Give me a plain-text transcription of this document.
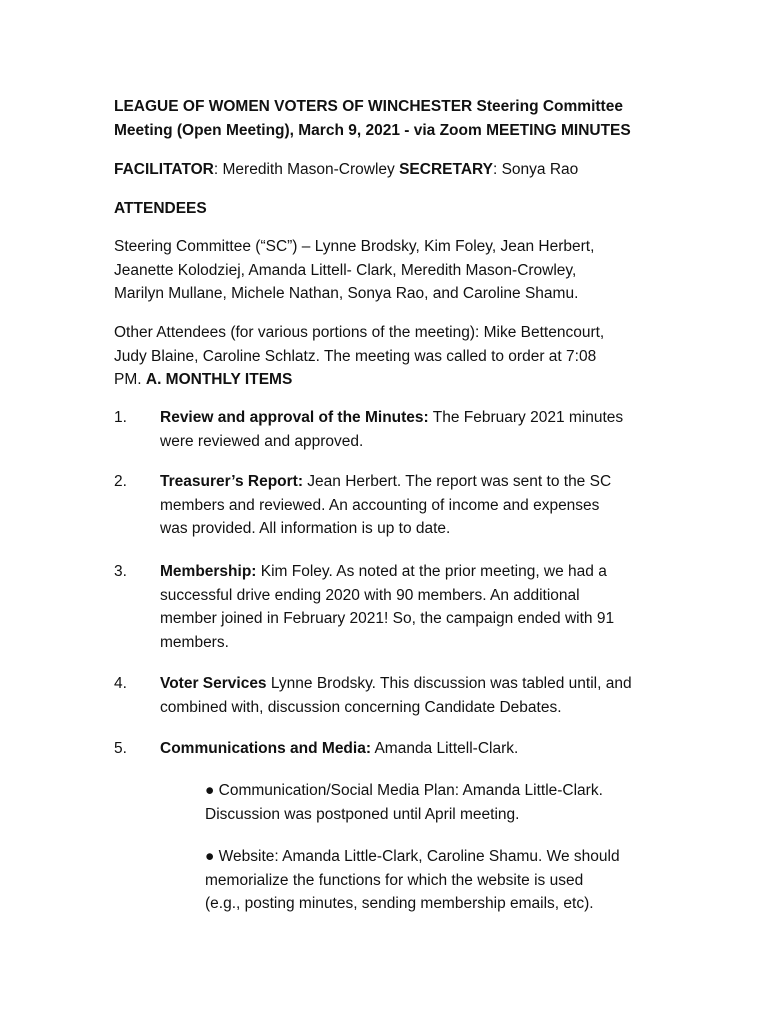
LEAGUE OF WOMEN VOTERS OF WINCHESTER Steering Committee
Meeting (Open Meeting), March 9, 2021 - via Zoom MEETING MINUTES
FACILITATOR: Meredith Mason-Crowley SECRETARY: Sonya Rao
ATTENDEES
Steering Committee (“SC”) – Lynne Brodsky, Kim Foley, Jean Herbert,
Jeanette Kolodziej, Amanda Littell- Clark, Meredith Mason-Crowley,
Marilyn Mullane, Michele Nathan, Sonya Rao, and Caroline Shamu.
Other Attendees (for various portions of the meeting): Mike Bettencourt,
Judy Blaine, Caroline Schlatz. The meeting was called to order at 7:08
PM. A. MONTHLY ITEMS
1. Review and approval of the Minutes: The February 2021 minutes
were reviewed and approved.
2. Treasurer’s Report: Jean Herbert. The report was sent to the SC
members and reviewed. An accounting of income and expenses
was provided. All information is up to date.
3. Membership: Kim Foley. As noted at the prior meeting, we had a
successful drive ending 2020 with 90 members. An additional
member joined in February 2021! So, the campaign ended with 91
members.
4. Voter Services Lynne Brodsky. This discussion was tabled until, and
combined with, discussion concerning Candidate Debates.
5. Communications and Media: Amanda Littell-Clark.
● Communication/Social Media Plan: Amanda Little-Clark.
Discussion was postponed until April meeting.
● Website: Amanda Little-Clark, Caroline Shamu. We should
memorialize the functions for which the website is used
(e.g., posting minutes, sending membership emails, etc).
